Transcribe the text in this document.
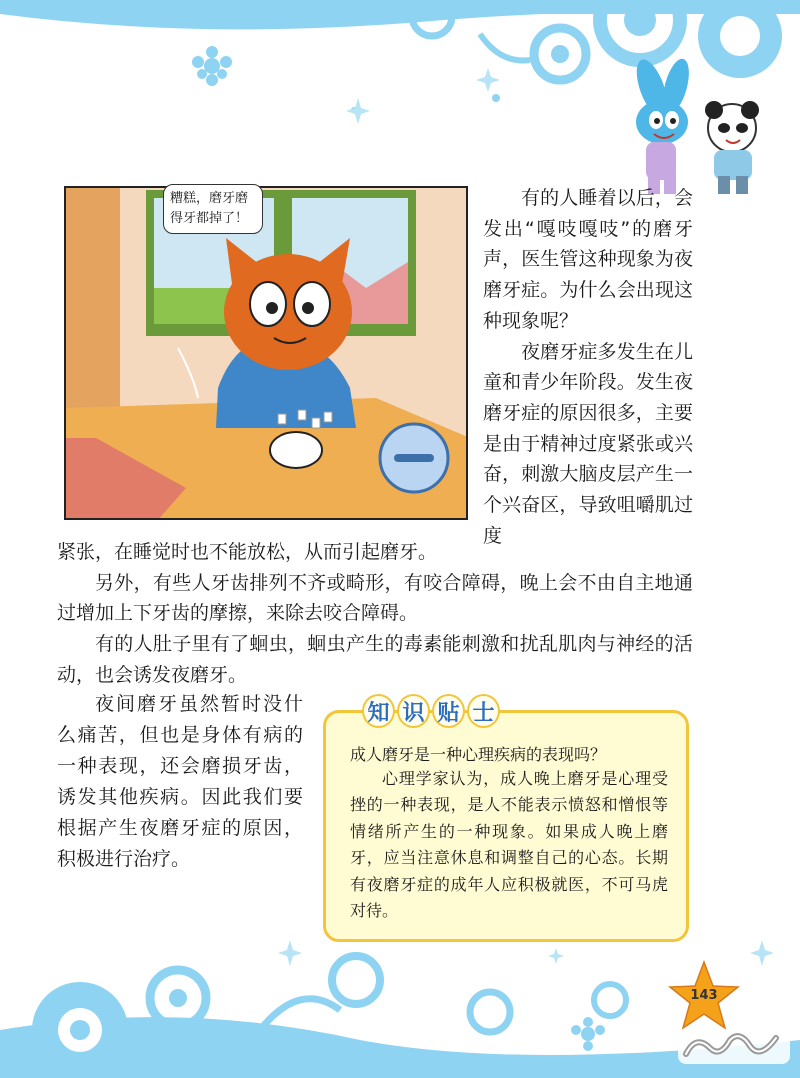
糟糕，磨牙磨
得牙都掉了！

有的人睡着以后，会发出“嘎吱嘎吱”的磨牙声，医生管这种现象为夜磨牙症。为什么会出现这种现象呢？

夜磨牙症多发生在儿童和青少年阶段。发生夜磨牙症的原因很多，主要是由于精神过度紧张或兴奋，刺激大脑皮层产生一个兴奋区，导致咀嚼肌过度

紧张，在睡觉时也不能放松，从而引起磨牙。

另外，有些人牙齿排列不齐或畸形，有咬合障碍，晚上会不由自主地通过增加上下牙齿的摩擦，来除去咬合障碍。

有的人肚子里有了蛔虫，蛔虫产生的毒素能刺激和扰乱肌肉与神经的活动，也会诱发夜磨牙。

夜间磨牙虽然暂时没什么痛苦，但也是身体有病的一种表现，还会磨损牙齿，诱发其他疾病。因此我们要根据产生夜磨牙症的原因，积极进行治疗。

知 识 贴 士
成人磨牙是一种心理疾病的表现吗？

心理学家认为，成人晚上磨牙是心理受挫的一种表现，是人不能表示愤怒和憎恨等情绪所产生的一种现象。如果成人晚上磨牙，应当注意休息和调整自己的心态。长期有夜磨牙症的成年人应积极就医，不可马虎对待。

143
